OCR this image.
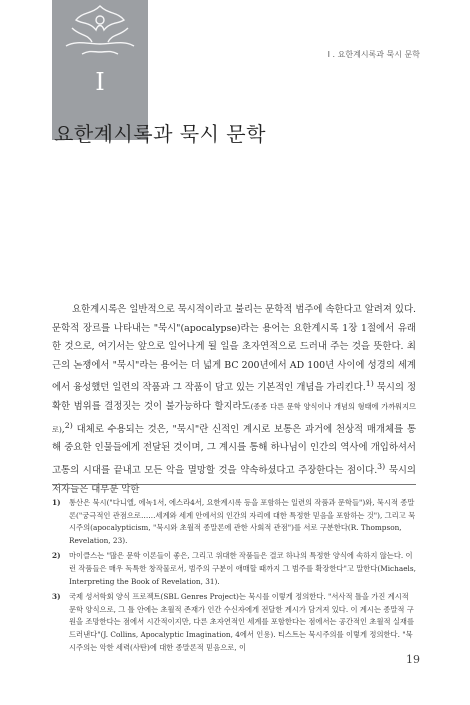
I
I . 요한계시록과 묵시 문학
요한계시록과 묵시 문학

요한계시록은 일반적으로 묵시적이라고 불리는 문학적 범주에 속한다고 알려져 있다. 문학적 장르를 나타내는 "묵시"(apocalypse)라는 용어는 요한계시록 1장 1절에서 유래한 것으로, 여기서는 앞으로 일어나게 될 일을 초자연적으로 드러내 주는 것을 뜻한다. 최근의 논쟁에서 "묵시"라는 용어는 더 넓게 BC 200년에서 AD 100년 사이에 성경의 세계에서 융성했던 일련의 작품과 그 작품이 담고 있는 기본적인 개념을 가리킨다.$^{1)}$ 묵시의 정확한 범위를 결정짓는 것이 불가능하다 할지라도(종종 다른 문학 양식이나 개념의 형태에 가까워지므로),$^{2)}$ 대체로 수용되는 것은, "묵시"란 신적인 계시로 보통은 과거에 천상적 매개체를 통해 중요한 인물들에게 전달된 것이며, 그 계시를 통해 하나님이 인간의 역사에 개입하셔서 고통의 시대를 끝내고 모든 악을 멸망할 것을 약속하셨다고 주장한다는 점이다.$^{3)}$ 묵시의 저자들은 대부분 악한

1) 통산은 묵시("다니엘, 에녹1서, 에스라4서, 요한계시록 등을 포함하는 일련의 작품과 문학들")와, 묵시적 종말론("궁극적인 관점으로……세계와 세계 안에서의 인간의 자리에 대한 특정한 믿음을 포함하는 것"), 그리고 묵시주의(apocalypticism, "묵시와 초월적 종말론에 관한 사회적 관점")를 서로 구분한다(R. Thompson, Revelation, 23).

2) 마이클스는 "많은 문학 이론들이 좋은, 그리고 위대한 작품들은 결코 하나의 특정한 양식에 속하지 않는다. 이런 작품들은 매우 독특한 창작물로서, 범주의 구분이 애매할 때까지 그 범주를 확장한다"고 말한다(Michaels, Interpreting the Book of Revelation, 31).

3) 국제 성서학회 양식 프로젝트(SBL Genres Project)는 묵시를 이렇게 정의한다. "서사적 틀을 가진 계시적 문학 양식으로, 그 틀 안에는 초월적 존재가 인간 수신자에게 전달한 계시가 담겨져 있다. 이 계시는 종말적 구원을 조망한다는 점에서 시간적이지만, 다른 초자연적인 세계를 포함한다는 점에서는 공간적인 초월적 실재를 드러낸다"(J. Collins, Apocalyptic Imagination, 4에서 인용). 티스트는 묵시주의를 이렇게 정의한다. "묵시주의는 악한 세력(사탄)에 대한 종말론적 믿음으로, 이

19
